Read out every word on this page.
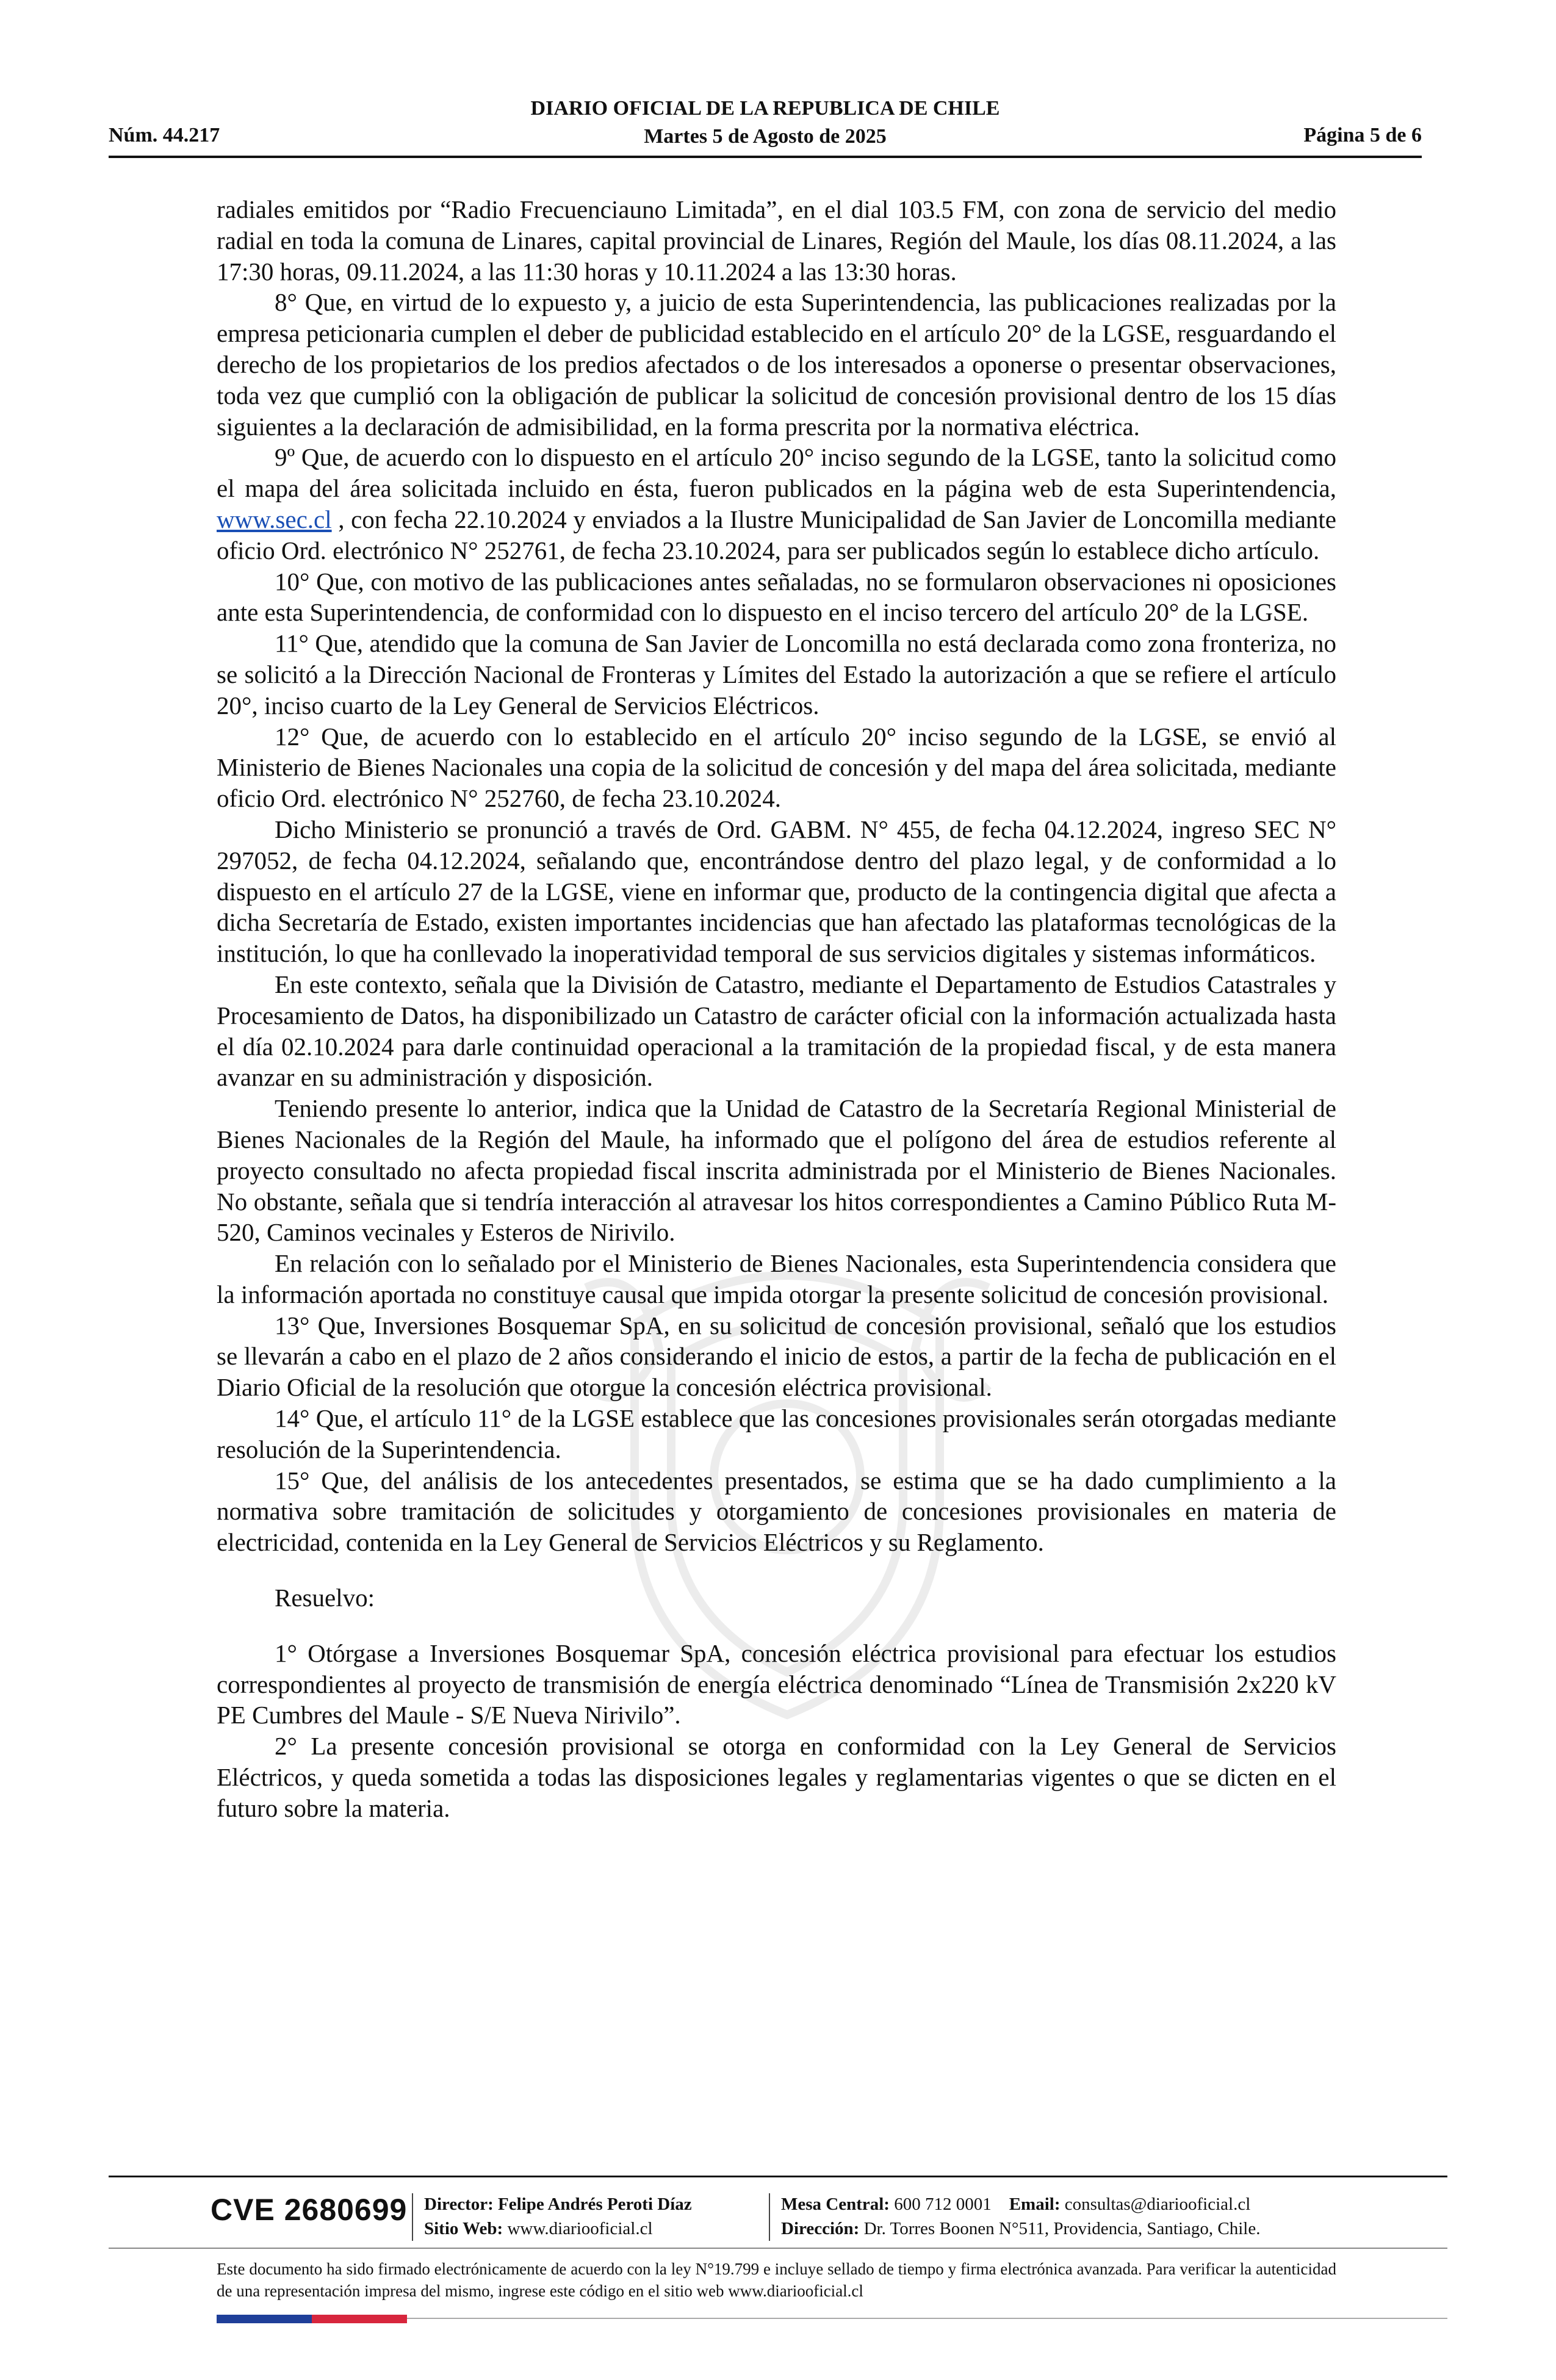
DIARIO OFICIAL DE LA REPUBLICA DE CHILE
Martes 5 de Agosto de 2025
Núm. 44.217	Página 5 de 6

radiales emitidos por “Radio Frecuenciauno Limitada”, en el dial 103.5 FM, con zona de servicio del medio radial en toda la comuna de Linares, capital provincial de Linares, Región del Maule, los días 08.11.2024, a las 17:30 horas, 09.11.2024, a las 11:30 horas y 10.11.2024 a las 13:30 horas.

8° Que, en virtud de lo expuesto y, a juicio de esta Superintendencia, las publicaciones realizadas por la empresa peticionaria cumplen el deber de publicidad establecido en el artículo 20° de la LGSE, resguardando el derecho de los propietarios de los predios afectados o de los interesados a oponerse o presentar observaciones, toda vez que cumplió con la obligación de publicar la solicitud de concesión provisional dentro de los 15 días siguientes a la declaración de admisibilidad, en la forma prescrita por la normativa eléctrica.

9º Que, de acuerdo con lo dispuesto en el artículo 20° inciso segundo de la LGSE, tanto la solicitud como el mapa del área solicitada incluido en ésta, fueron publicados en la página web de esta Superintendencia, www.sec.cl , con fecha 22.10.2024 y enviados a la Ilustre Municipalidad de San Javier de Loncomilla mediante oficio Ord. electrónico N° 252761, de fecha 23.10.2024, para ser publicados según lo establece dicho artículo.

10° Que, con motivo de las publicaciones antes señaladas, no se formularon observaciones ni oposiciones ante esta Superintendencia, de conformidad con lo dispuesto en el inciso tercero del artículo 20° de la LGSE.

11° Que, atendido que la comuna de San Javier de Loncomilla no está declarada como zona fronteriza, no se solicitó a la Dirección Nacional de Fronteras y Límites del Estado la autorización a que se refiere el artículo 20°, inciso cuarto de la Ley General de Servicios Eléctricos.

12° Que, de acuerdo con lo establecido en el artículo 20° inciso segundo de la LGSE, se envió al Ministerio de Bienes Nacionales una copia de la solicitud de concesión y del mapa del área solicitada, mediante oficio Ord. electrónico N° 252760, de fecha 23.10.2024.

Dicho Ministerio se pronunció a través de Ord. GABM. N° 455, de fecha 04.12.2024, ingreso SEC N° 297052, de fecha 04.12.2024, señalando que, encontrándose dentro del plazo legal, y de conformidad a lo dispuesto en el artículo 27 de la LGSE, viene en informar que, producto de la contingencia digital que afecta a dicha Secretaría de Estado, existen importantes incidencias que han afectado las plataformas tecnológicas de la institución, lo que ha conllevado la inoperatividad temporal de sus servicios digitales y sistemas informáticos.

En este contexto, señala que la División de Catastro, mediante el Departamento de Estudios Catastrales y Procesamiento de Datos, ha disponibilizado un Catastro de carácter oficial con la información actualizada hasta el día 02.10.2024 para darle continuidad operacional a la tramitación de la propiedad fiscal, y de esta manera avanzar en su administración y disposición.

Teniendo presente lo anterior, indica que la Unidad de Catastro de la Secretaría Regional Ministerial de Bienes Nacionales de la Región del Maule, ha informado que el polígono del área de estudios referente al proyecto consultado no afecta propiedad fiscal inscrita administrada por el Ministerio de Bienes Nacionales. No obstante, señala que si tendría interacción al atravesar los hitos correspondientes a Camino Público Ruta M-520, Caminos vecinales y Esteros de Nirivilo.

En relación con lo señalado por el Ministerio de Bienes Nacionales, esta Superintendencia considera que la información aportada no constituye causal que impida otorgar la presente solicitud de concesión provisional.

13° Que, Inversiones Bosquemar SpA, en su solicitud de concesión provisional, señaló que los estudios se llevarán a cabo en el plazo de 2 años considerando el inicio de estos, a partir de la fecha de publicación en el Diario Oficial de la resolución que otorgue la concesión eléctrica provisional.

14° Que, el artículo 11° de la LGSE establece que las concesiones provisionales serán otorgadas mediante resolución de la Superintendencia.

15° Que, del análisis de los antecedentes presentados, se estima que se ha dado cumplimiento a la normativa sobre tramitación de solicitudes y otorgamiento de concesiones provisionales en materia de electricidad, contenida en la Ley General de Servicios Eléctricos y su Reglamento.

Resuelvo:

1° Otórgase a Inversiones Bosquemar SpA, concesión eléctrica provisional para efectuar los estudios correspondientes al proyecto de transmisión de energía eléctrica denominado “Línea de Transmisión 2x220 kV PE Cumbres del Maule - S/E Nueva Nirivilo”.

2° La presente concesión provisional se otorga en conformidad con la Ley General de Servicios Eléctricos, y queda sometida a todas las disposiciones legales y reglamentarias vigentes o que se dicten en el futuro sobre la materia.

CVE 2680699 Director: Felipe Andrés Peroti Díaz
Sitio Web: www.diariooficial.cl
Mesa Central: 600 712 0001 Email: consultas@diariooficial.cl
Dirección: Dr. Torres Boonen N°511, Providencia, Santiago, Chile.
Este documento ha sido firmado electrónicamente de acuerdo con la ley N°19.799 e incluye sellado de tiempo y firma electrónica avanzada. Para verificar la autenticidad de una representación impresa del mismo, ingrese este código en el sitio web www.diariooficial.cl
